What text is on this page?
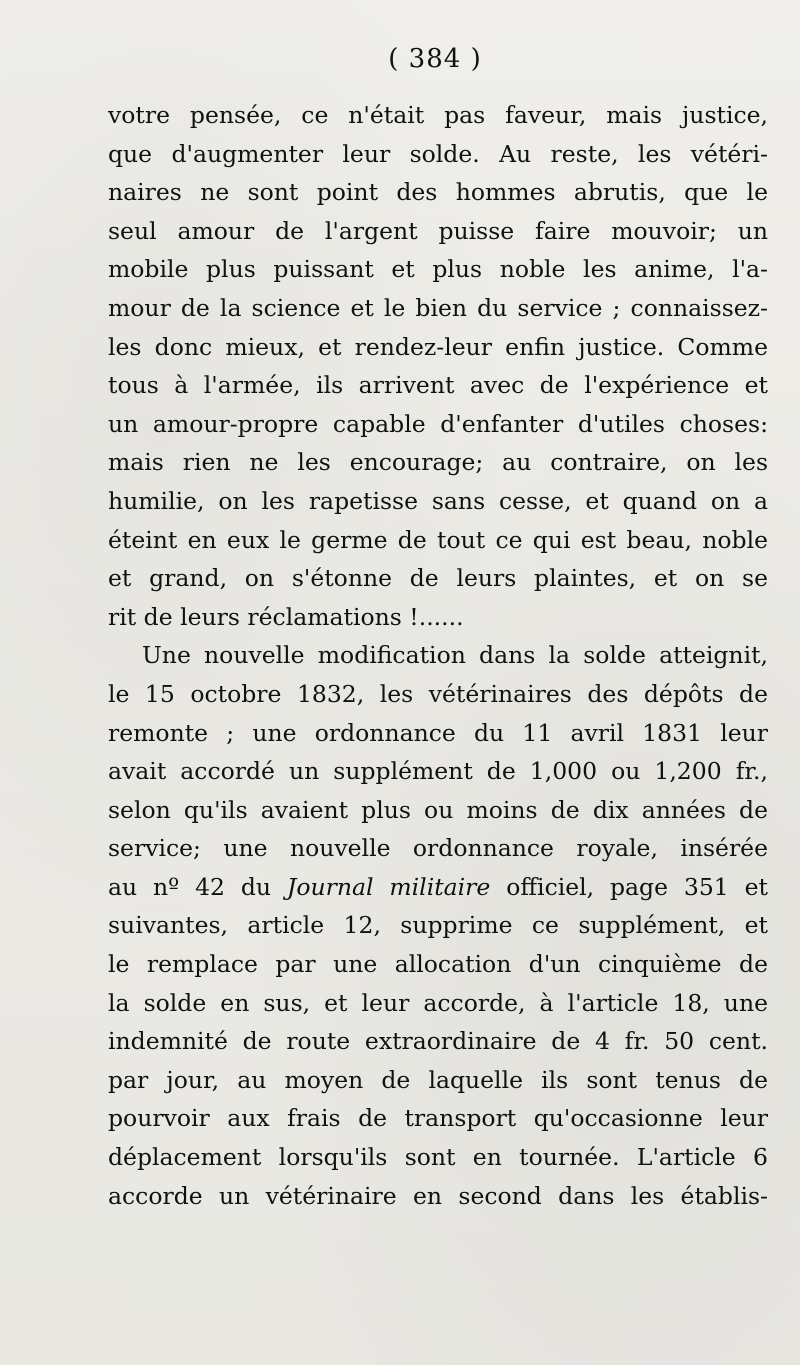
( 384 )
votre pensée, ce n'était pas faveur, mais justice,
que d'augmenter leur solde. Au reste, les vétéri-
naires ne sont point des hommes abrutis, que le
seul amour de l'argent puisse faire mouvoir; un
mobile plus puissant et plus noble les anime, l'a-
mour de la science et le bien du service ; connaissez-
les donc mieux, et rendez-leur enfin justice. Comme
tous à l'armée, ils arrivent avec de l'expérience et
un amour-propre capable d'enfanter d'utiles choses:
mais rien ne les encourage; au contraire, on les
humilie, on les rapetisse sans cesse, et quand on a
éteint en eux le germe de tout ce qui est beau, noble
et grand, on s'étonne de leurs plaintes, et on se
rit de leurs réclamations !......
Une nouvelle modification dans la solde atteignit,
le 15 octobre 1832, les vétérinaires des dépôts de
remonte ; une ordonnance du 11 avril 1831 leur
avait accordé un supplément de 1,000 ou 1,200 fr.,
selon qu'ils avaient plus ou moins de dix années de
service; une nouvelle ordonnance royale, insérée
au nº 42 du Journal militaire officiel, page 351 et
suivantes, article 12, supprime ce supplément, et
le remplace par une allocation d'un cinquième de
la solde en sus, et leur accorde, à l'article 18, une
indemnité de route extraordinaire de 4 fr. 50 cent.
par jour, au moyen de laquelle ils sont tenus de
pourvoir aux frais de transport qu'occasionne leur
déplacement lorsqu'ils sont en tournée. L'article 6
accorde un vétérinaire en second dans les établis-
